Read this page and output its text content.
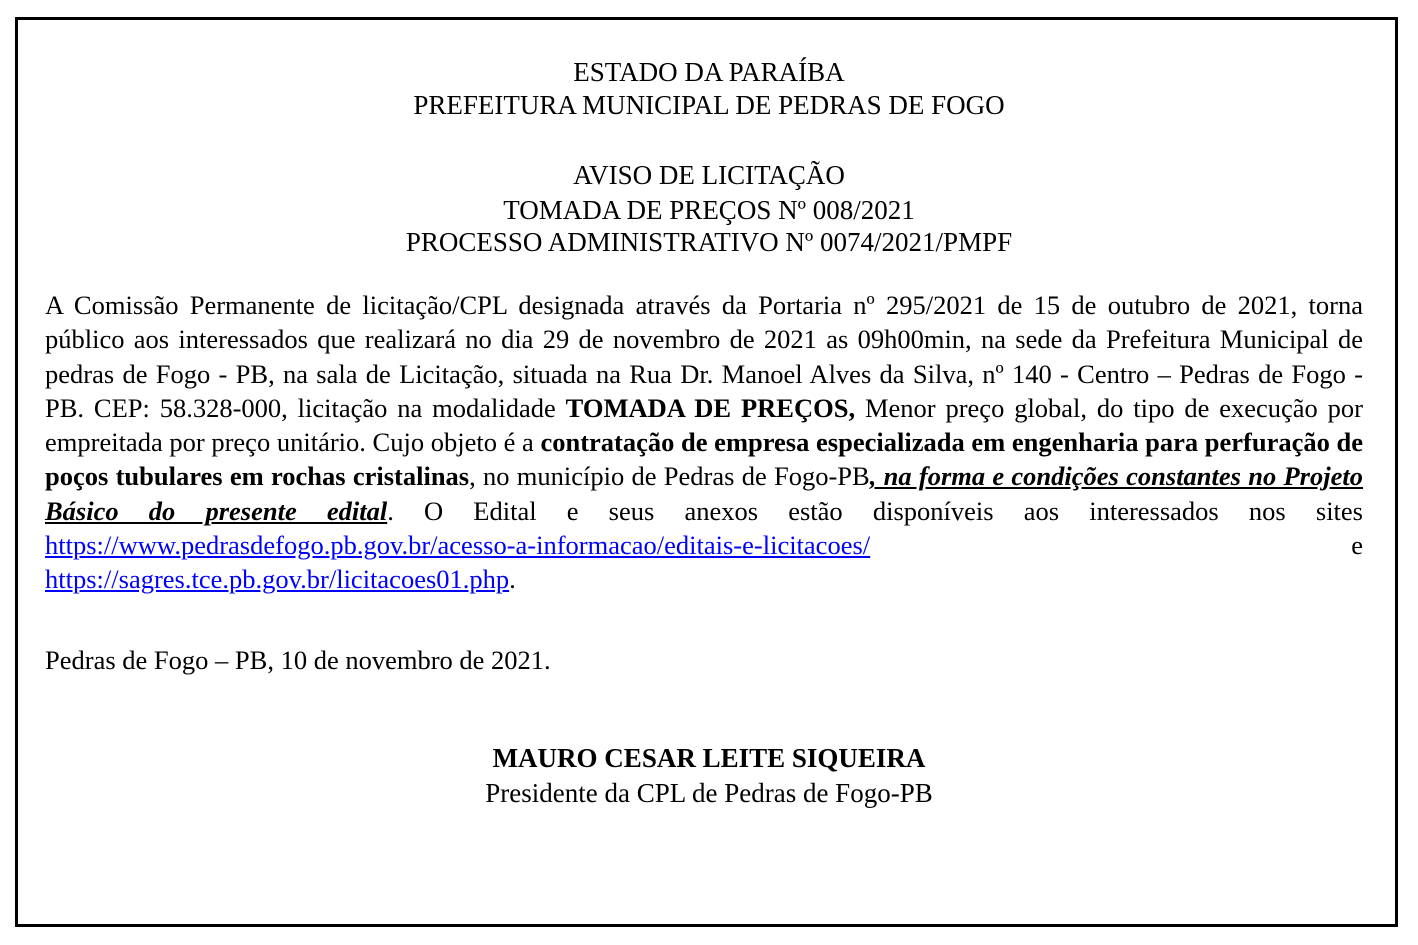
ESTADO DA PARAÍBA
PREFEITURA MUNICIPAL DE PEDRAS DE FOGO
AVISO DE LICITAÇÃO
TOMADA DE PREÇOS Nº 008/2021
PROCESSO ADMINISTRATIVO Nº 0074/2021/PMPF
A Comissão Permanente de licitação/CPL designada através da Portaria nº 295/2021 de 15 de outubro de 2021, torna público aos interessados que realizará no dia 29 de novembro de 2021 as 09h00min, na sede da Prefeitura Municipal de pedras de Fogo - PB, na sala de Licitação, situada na Rua Dr. Manoel Alves da Silva, nº 140 - Centro – Pedras de Fogo - PB. CEP: 58.328-000, licitação na modalidade TOMADA DE PREÇOS, Menor preço global, do tipo de execução por empreitada por preço unitário. Cujo objeto é a contratação de empresa especializada em engenharia para perfuração de poços tubulares em rochas cristalinas, no município de Pedras de Fogo-PB, na forma e condições constantes no Projeto Básico do presente edital. O Edital e seus anexos estão disponíveis aos interessados nos sites https://www.pedrasdefogo.pb.gov.br/acesso-a-informacao/editais-e-licitacoes/ e https://sagres.tce.pb.gov.br/licitacoes01.php.
Pedras de Fogo – PB, 10 de novembro de 2021.
MAURO CESAR LEITE SIQUEIRA
Presidente da CPL de Pedras de Fogo-PB
